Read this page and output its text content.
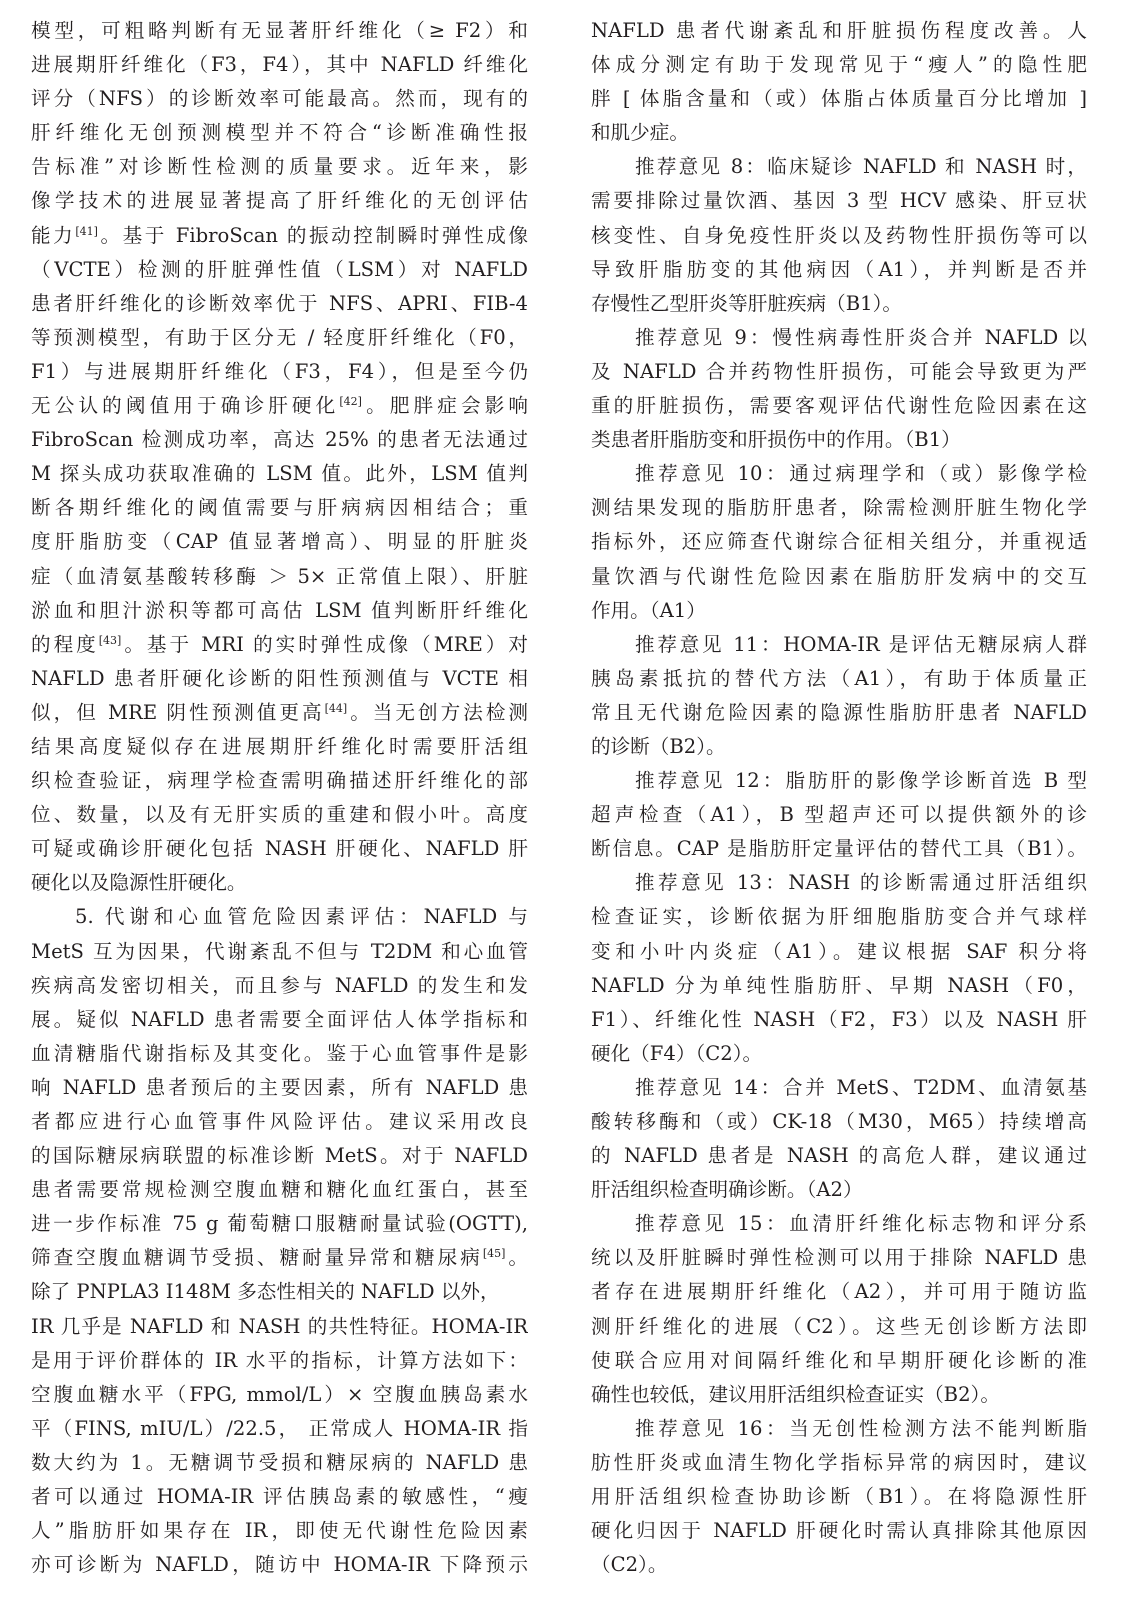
模型，可粗略判断有无显著肝纤维化（≥ F2）和
进展期肝纤维化（F3，F4），其中 NAFLD 纤维化
评分（NFS）的诊断效率可能最高。然而，现有的
肝纤维化无创预测模型并不符合“诊断准确性报
告标准”对诊断性检测的质量要求。近年来，影
像学技术的进展显著提高了肝纤维化的无创评估
能力[41]。基于 FibroScan 的振动控制瞬时弹性成像
（VCTE）检测的肝脏弹性值（LSM）对 NAFLD
患者肝纤维化的诊断效率优于 NFS、APRI、FIB-4
等预测模型，有助于区分无 / 轻度肝纤维化（F0，
F1）与进展期肝纤维化（F3，F4），但是至今仍
无公认的阈值用于确诊肝硬化[42]。肥胖症会影响
FibroScan 检测成功率，高达 25% 的患者无法通过
M 探头成功获取准确的 LSM 值。此外，LSM 值判
断各期纤维化的阈值需要与肝病病因相结合；重
度肝脂肪变（CAP 值显著增高）、明显的肝脏炎
症（血清氨基酸转移酶 ＞ 5× 正常值上限）、肝脏
淤血和胆汁淤积等都可高估 LSM 值判断肝纤维化
的程度[43]。基于 MRI 的实时弹性成像（MRE）对
NAFLD 患者肝硬化诊断的阳性预测值与 VCTE 相
似，但 MRE 阴性预测值更高[44]。当无创方法检测
结果高度疑似存在进展期肝纤维化时需要肝活组
织检查验证，病理学检查需明确描述肝纤维化的部
位、数量，以及有无肝实质的重建和假小叶。高度
可疑或确诊肝硬化包括 NASH 肝硬化、NAFLD 肝
硬化以及隐源性肝硬化。
5. 代谢和心血管危险因素评估：NAFLD 与
MetS 互为因果，代谢紊乱不但与 T2DM 和心血管
疾病高发密切相关，而且参与 NAFLD 的发生和发
展。疑似 NAFLD 患者需要全面评估人体学指标和
血清糖脂代谢指标及其变化。鉴于心血管事件是影
响 NAFLD 患者预后的主要因素，所有 NAFLD 患
者都应进行心血管事件风险评估。建议采用改良
的国际糖尿病联盟的标准诊断 MetS。对于 NAFLD
患者需要常规检测空腹血糖和糖化血红蛋白，甚至
进一步作标准 75 g 葡萄糖口服糖耐量试验(OGTT),
筛查空腹血糖调节受损、糖耐量异常和糖尿病[45]。
除了 PNPLA3 I148M 多态性相关的 NAFLD 以外，
IR 几乎是 NAFLD 和 NASH 的共性特征。HOMA-IR
是用于评价群体的 IR 水平的指标，计算方法如下：
空腹血糖水平（FPG, mmol/L）× 空腹血胰岛素水
平（FINS, mIU/L）/22.5， 正常成人 HOMA-IR 指
数大约为 1。无糖调节受损和糖尿病的 NAFLD 患
者可以通过 HOMA-IR 评估胰岛素的敏感性，“瘦
人”脂肪肝如果存在 IR，即使无代谢性危险因素
亦可诊断为 NAFLD，随访中 HOMA-IR 下降预示
NAFLD 患者代谢紊乱和肝脏损伤程度改善。人
体成分测定有助于发现常见于“瘦人”的隐性肥
胖 [ 体脂含量和（或）体脂占体质量百分比增加 ]
和肌少症。
推荐意见 8：临床疑诊 NAFLD 和 NASH 时，
需要排除过量饮酒、基因 3 型 HCV 感染、肝豆状
核变性、自身免疫性肝炎以及药物性肝损伤等可以
导致肝脂肪变的其他病因（A1），并判断是否并
存慢性乙型肝炎等肝脏疾病（B1）。
推荐意见 9：慢性病毒性肝炎合并 NAFLD 以
及 NAFLD 合并药物性肝损伤，可能会导致更为严
重的肝脏损伤，需要客观评估代谢性危险因素在这
类患者肝脂肪变和肝损伤中的作用。（B1）
推荐意见 10：通过病理学和（或）影像学检
测结果发现的脂肪肝患者，除需检测肝脏生物化学
指标外，还应筛查代谢综合征相关组分，并重视适
量饮酒与代谢性危险因素在脂肪肝发病中的交互
作用。（A1）
推荐意见 11：HOMA-IR 是评估无糖尿病人群
胰岛素抵抗的替代方法（A1），有助于体质量正
常且无代谢危险因素的隐源性脂肪肝患者 NAFLD
的诊断（B2）。
推荐意见 12：脂肪肝的影像学诊断首选 B 型
超声检查（A1），B 型超声还可以提供额外的诊
断信息。CAP 是脂肪肝定量评估的替代工具（B1）。
推荐意见 13：NASH 的诊断需通过肝活组织
检查证实，诊断依据为肝细胞脂肪变合并气球样
变和小叶内炎症（A1）。建议根据 SAF 积分将
NAFLD 分为单纯性脂肪肝、早期 NASH（F0，
F1）、纤维化性 NASH（F2，F3）以及 NASH 肝
硬化（F4）（C2）。
推荐意见 14：合并 MetS、T2DM、血清氨基
酸转移酶和（或）CK-18（M30，M65）持续增高
的 NAFLD 患者是 NASH 的高危人群，建议通过
肝活组织检查明确诊断。（A2）
推荐意见 15：血清肝纤维化标志物和评分系
统以及肝脏瞬时弹性检测可以用于排除 NAFLD 患
者存在进展期肝纤维化（A2），并可用于随访监
测肝纤维化的进展（C2）。这些无创诊断方法即
使联合应用对间隔纤维化和早期肝硬化诊断的准
确性也较低，建议用肝活组织检查证实（B2）。
推荐意见 16：当无创性检测方法不能判断脂
肪性肝炎或血清生物化学指标异常的病因时，建议
用肝活组织检查协助诊断（B1）。在将隐源性肝
硬化归因于 NAFLD 肝硬化时需认真排除其他原因
（C2）。
